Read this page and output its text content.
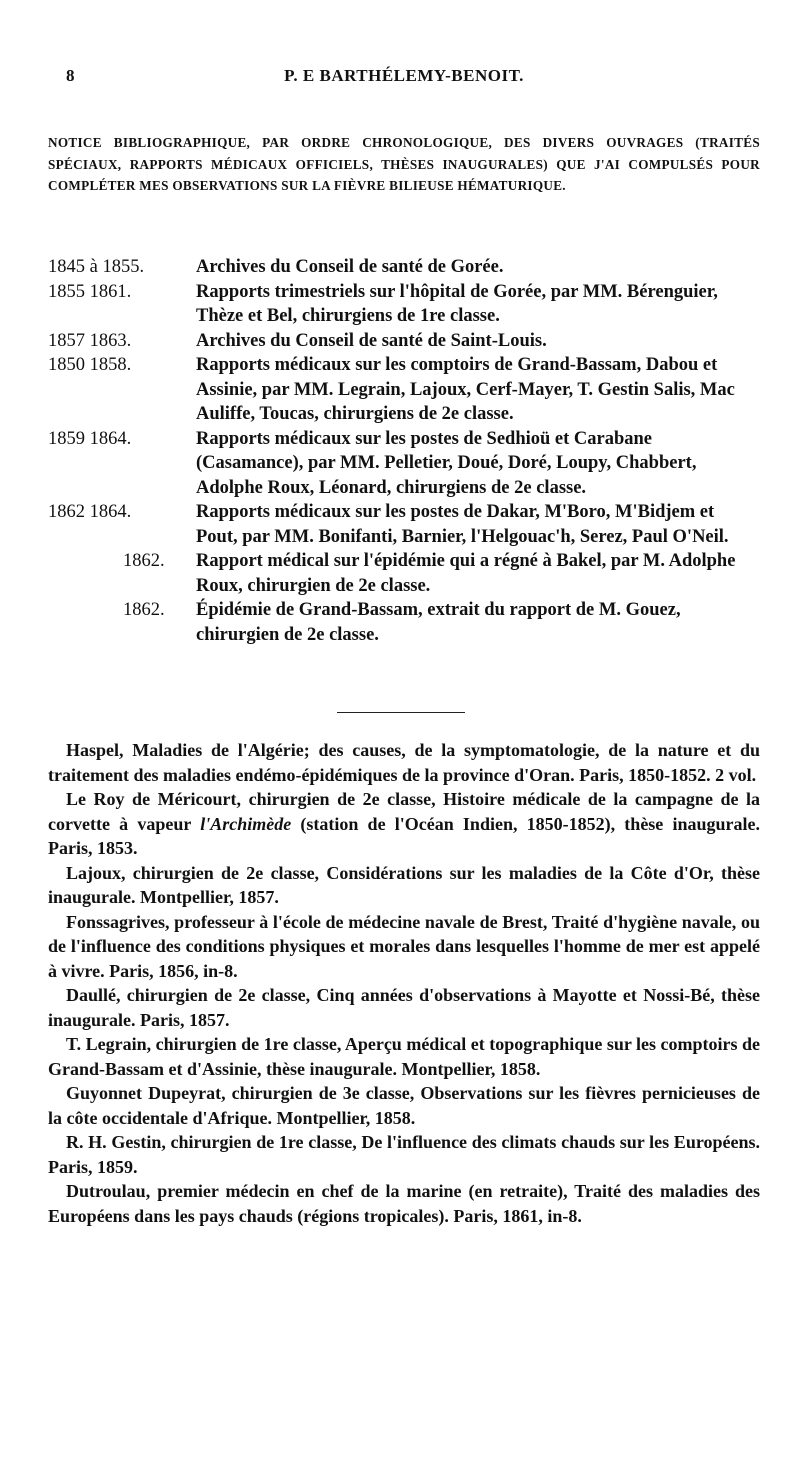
8	P. E BARTHÉLEMY-BENOIT.
NOTICE BIBLIOGRAPHIQUE, PAR ORDRE CHRONOLOGIQUE, DES DIVERS OUVRAGES (TRAITÉS SPÉCIAUX, RAPPORTS MÉDICAUX OFFICIELS, THÈSES INAUGURALES) QUE J'AI COMPULSÉS POUR COMPLÉTER MES OBSERVATIONS SUR LA FIÈVRE BILIEUSE HÉMATURIQUE.
1845 à 1855.	Archives du Conseil de santé de Gorée.
1855 1861.	Rapports trimestriels sur l'hôpital de Gorée, par MM. Bérenguier, Thèze et Bel, chirurgiens de 1re classe.
1857 1863.	Archives du Conseil de santé de Saint-Louis.
1850 1858.	Rapports médicaux sur les comptoirs de Grand-Bassam, Dabou et Assinie, par MM. Legrain, Lajoux, Cerf-Mayer, T. Gestin Salis, Mac Auliffe, Toucas, chirurgiens de 2e classe.
1859 1864.	Rapports médicaux sur les postes de Sedhioü et Carabane (Casamance), par MM. Pelletier, Doué, Doré, Loupy, Chabbert, Adolphe Roux, Léonard, chirurgiens de 2e classe.
1862 1864.	Rapports médicaux sur les postes de Dakar, M'Boro, M'Bidjem et Pout, par MM. Bonifanti, Barnier, l'Helgouac'h, Serez, Paul O'Neil.
1862. Rapport médical sur l'épidémie qui a régné à Bakel, par M. Adolphe Roux, chirurgien de 2e classe.
1862. Épidémie de Grand-Bassam, extrait du rapport de M. Gouez, chirurgien de 2e classe.

Haspel, Maladies de l'Algérie; des causes, de la symptomatologie, de la nature et du traitement des maladies endémo-épidémiques de la province d'Oran. Paris, 1850-1852. 2 vol.

Le Roy de Méricourt, chirurgien de 2e classe, Histoire médicale de la campagne de la corvette à vapeur l'Archimède (station de l'Océan Indien, 1850-1852), thèse inaugurale. Paris, 1853.

Lajoux, chirurgien de 2e classe, Considérations sur les maladies de la Côte d'Or, thèse inaugurale. Montpellier, 1857.

Fonssagrives, professeur à l'école de médecine navale de Brest, Traité d'hygiène navale, ou de l'influence des conditions physiques et morales dans lesquelles l'homme de mer est appelé à vivre. Paris, 1856, in-8.

Daullé, chirurgien de 2e classe, Cinq années d'observations à Mayotte et Nossi-Bé, thèse inaugurale. Paris, 1857.

T. Legrain, chirurgien de 1re classe, Aperçu médical et topographique sur les comptoirs de Grand-Bassam et d'Assinie, thèse inaugurale. Montpellier, 1858.

Guyonnet Dupeyrat, chirurgien de 3e classe, Observations sur les fièvres pernicieuses de la côte occidentale d'Afrique. Montpellier, 1858.

R. H. Gestin, chirurgien de 1re classe, De l'influence des climats chauds sur les Européens. Paris, 1859.

Dutroulau, premier médecin en chef de la marine (en retraite), Traité des maladies des Européens dans les pays chauds (régions tropicales). Paris, 1861, in-8.
